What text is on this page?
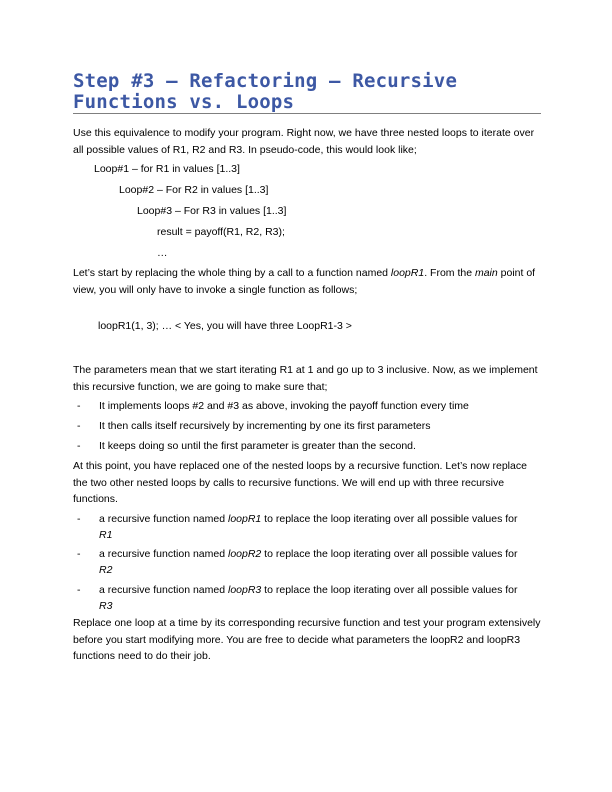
Step #3 – Refactoring – Recursive
Functions vs. Loops

Use this equivalence to modify your program. Right now, we have three nested loops to iterate over all possible values of R1, R2 and R3. In pseudo-code, this would look like;

Loop#1 – for R1 in values [1..3]
Loop#2 – For R2 in values [1..3]
Loop#3 – For R3 in values [1..3]
result = payoff(R1, R2, R3);
…

Let’s start by replacing the whole thing by a call to a function named loopR1. From the main point of view, you will only have to invoke a single function as follows;

loopR1(1, 3); … < Yes, you will have three LoopR1-3 >

The parameters mean that we start iterating R1 at 1 and go up to 3 inclusive. Now, as we implement this recursive function, we are going to make sure that;

- It implements loops #2 and #3 as above, invoking the payoff function every time
- It then calls itself recursively by incrementing by one its first parameters
- It keeps doing so until the first parameter is greater than the second.

At this point, you have replaced one of the nested loops by a recursive function. Let’s now replace the two other nested loops by calls to recursive functions. We will end up with three recursive functions.

- a recursive function named loopR1 to replace the loop iterating over all possible values for
R1
- a recursive function named loopR2 to replace the loop iterating over all possible values for
R2
- a recursive function named loopR3 to replace the loop iterating over all possible values for
R3

Replace one loop at a time by its corresponding recursive function and test your program extensively before you start modifying more. You are free to decide what parameters the loopR2 and loopR3 functions need to do their job.
